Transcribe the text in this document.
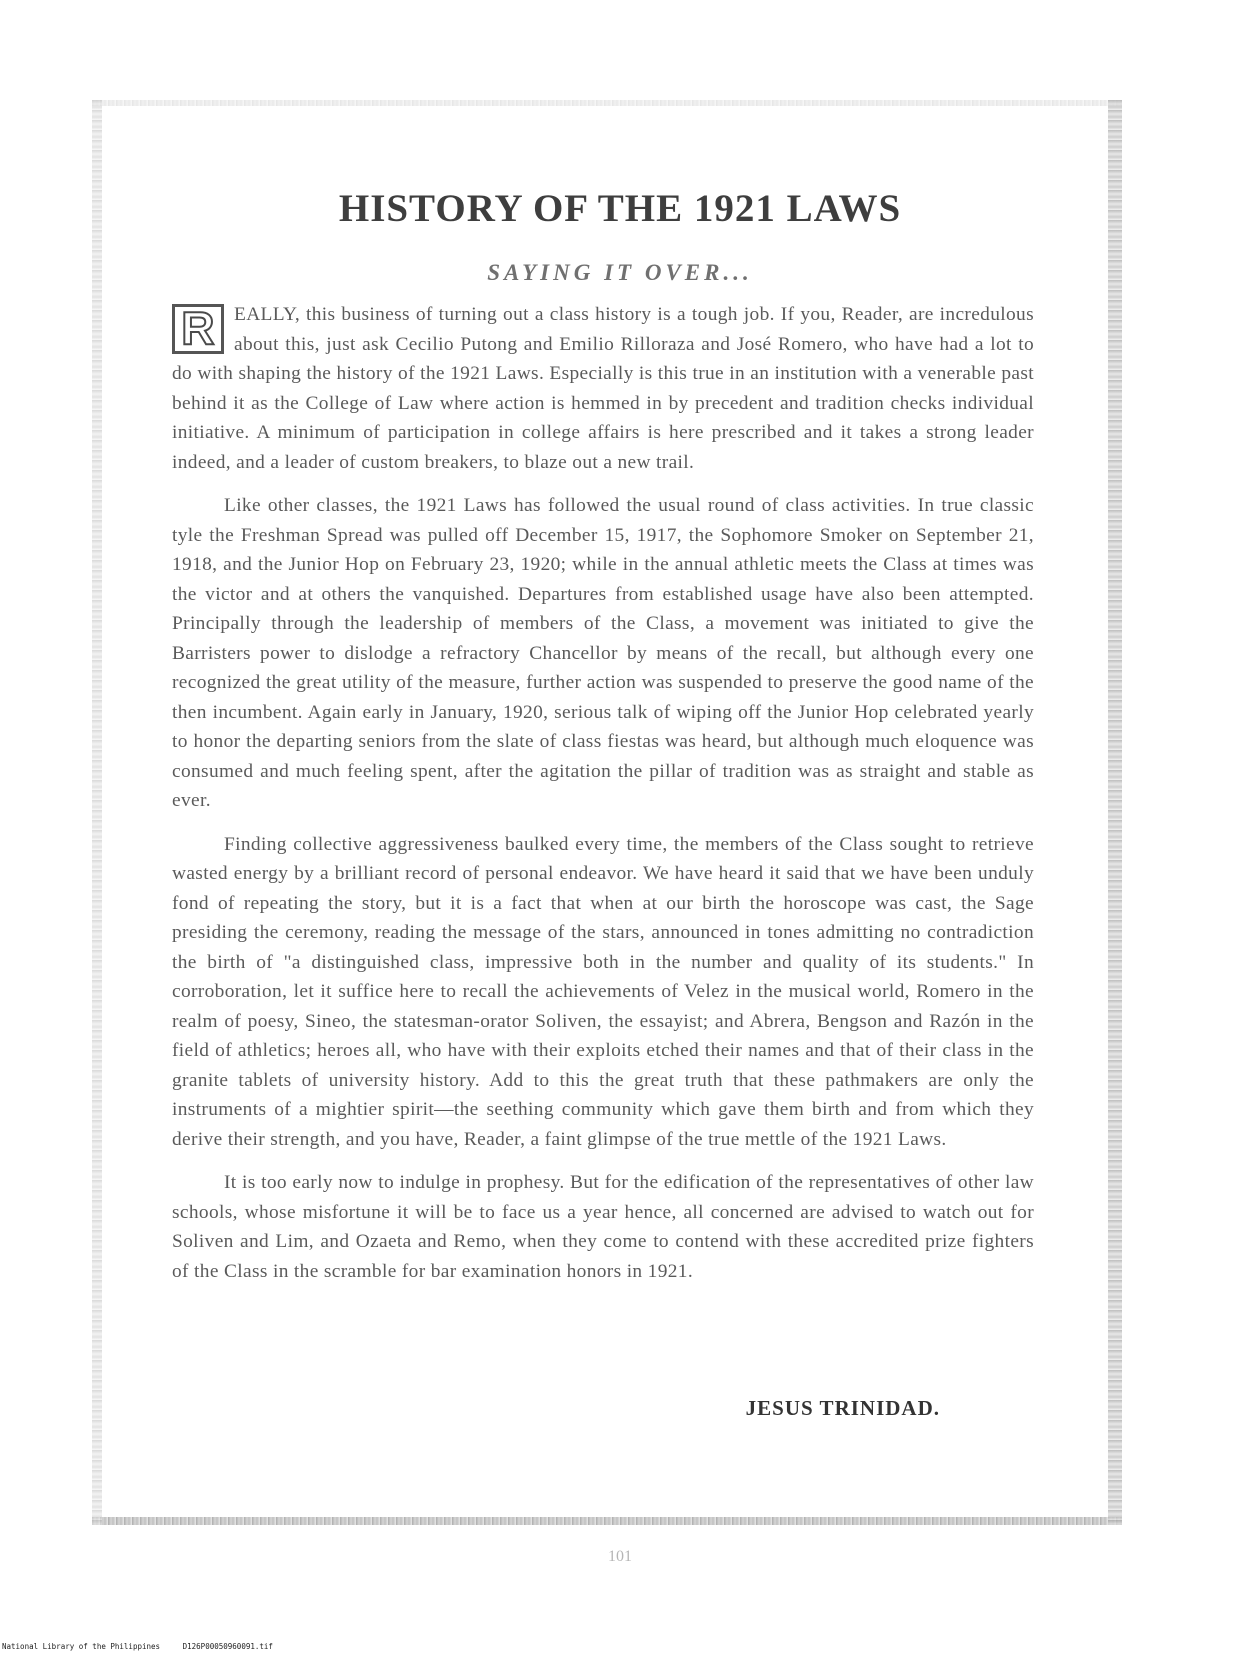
HISTORY OF THE 1921 LAWS
SAYING IT OVER...

R EALLY, this business of turning out a class history is a tough job. If you, Reader, are incredulous about this, just ask Cecilio Putong and Emilio Rilloraza and José Romero, who have had a lot to do with shaping the history of the 1921 Laws. Especially is this true in an institution with a venerable past behind it as the College of Law where action is hemmed in by precedent and tradition checks individual initiative. A minimum of participation in college affairs is here prescribed and it takes a strong leader indeed, and a leader of custom breakers, to blaze out a new trail.

Like other classes, the 1921 Laws has followed the usual round of class activities. In true classic tyle the Freshman Spread was pulled off December 15, 1917, the Sophomore Smoker on September 21, 1918, and the Junior Hop on February 23, 1920; while in the annual athletic meets the Class at times was the victor and at others the vanquished. Departures from established usage have also been attempted. Principally through the leadership of members of the Class, a movement was initiated to give the Barristers power to dislodge a refractory Chancellor by means of the recall, but although every one recognized the great utility of the measure, further action was suspended to preserve the good name of the then incumbent. Again early in January, 1920, serious talk of wiping off the Junior Hop celebrated yearly to honor the departing seniors from the slate of class fiestas was heard, but although much eloquence was consumed and much feeling spent, after the agitation the pillar of tradition was as straight and stable as ever.

Finding collective aggressiveness baulked every time, the members of the Class sought to retrieve wasted energy by a brilliant record of personal endeavor. We have heard it said that we have been unduly fond of repeating the story, but it is a fact that when at our birth the horoscope was cast, the Sage presiding the ceremony, reading the message of the stars, announced in tones admitting no contradiction the birth of "a distinguished class, impressive both in the number and quality of its students." In corroboration, let it suffice here to recall the achievements of Velez in the musical world, Romero in the realm of poesy, Sineo, the statesman-orator Soliven, the essayist; and Abrera, Bengson and Razón in the field of athletics; heroes all, who have with their exploits etched their names and that of their class in the granite tablets of university history. Add to this the great truth that these pathmakers are only the instruments of a mightier spirit—the seething community which gave them birth and from which they derive their strength, and you have, Reader, a faint glimpse of the true mettle of the 1921 Laws.

It is too early now to indulge in prophesy. But for the edification of the representatives of other law schools, whose misfortune it will be to face us a year hence, all concerned are advised to watch out for Soliven and Lim, and Ozaeta and Remo, when they come to contend with these accredited prize fighters of the Class in the scramble for bar examination honors in 1921.

JESUS TRINIDAD.

101

National Library of the Philippines     D126P00050960091.tif
